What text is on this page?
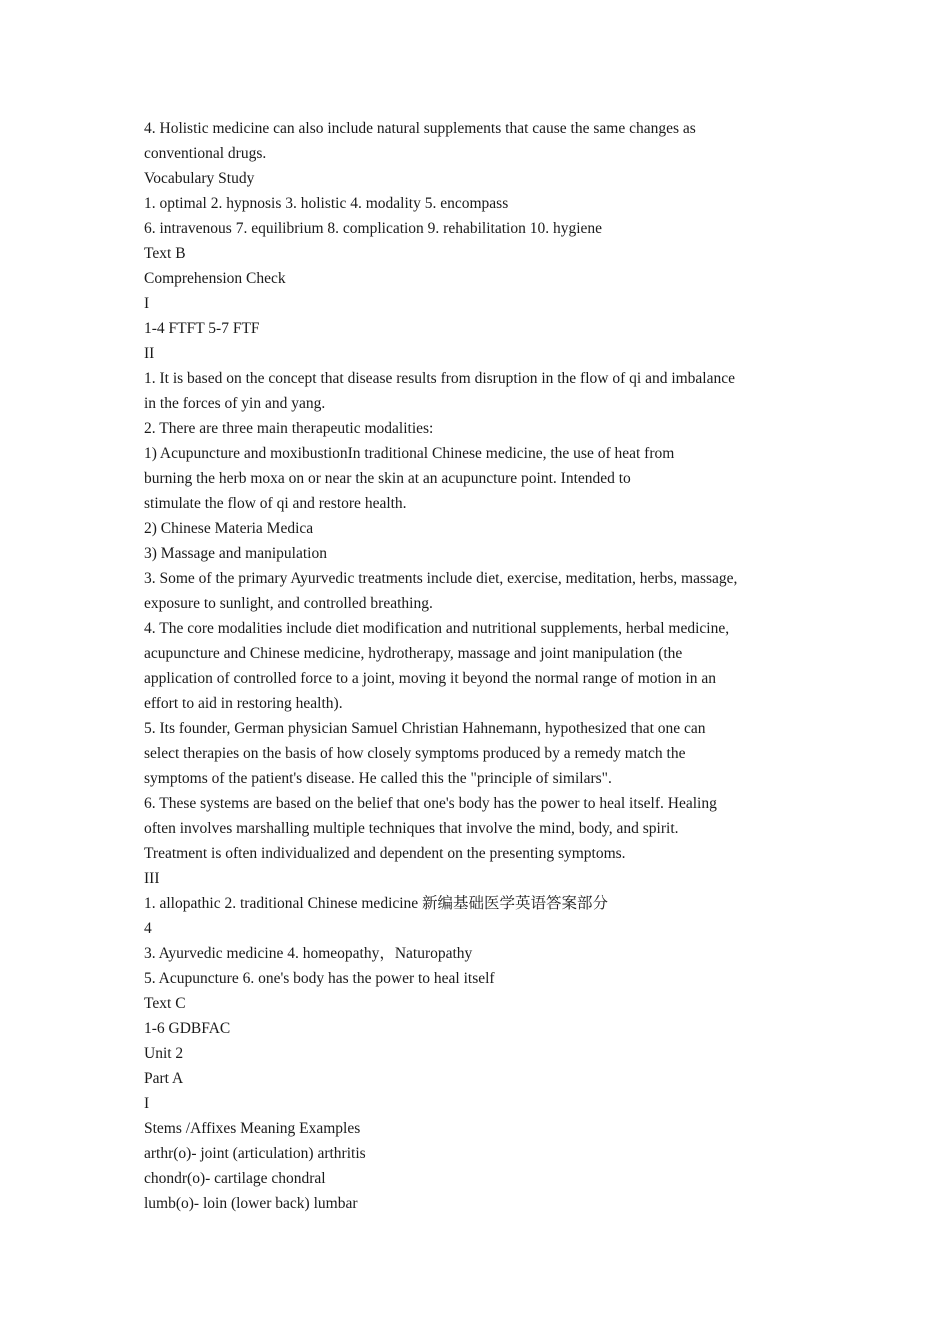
4. Holistic medicine can also include natural supplements that cause the same changes as
conventional drugs.
Vocabulary Study
1. optimal 2. hypnosis 3. holistic 4. modality 5. encompass
6. intravenous 7. equilibrium 8. complication 9. rehabilitation 10. hygiene
Text B
Comprehension Check
I
1-4 FTFT 5-7 FTF
II
1. It is based on the concept that disease results from disruption in the flow of qi and imbalance
in the forces of yin and yang.
2. There are three main therapeutic modalities:
1) Acupuncture and moxibustionIn traditional Chinese medicine, the use of heat from
burning the herb moxa on or near the skin at an acupuncture point. Intended to
stimulate the flow of qi and restore health.
2) Chinese Materia Medica
3) Massage and manipulation
3. Some of the primary Ayurvedic treatments include diet, exercise, meditation, herbs, massage,
exposure to sunlight, and controlled breathing.
4. The core modalities include diet modification and nutritional supplements, herbal medicine,
acupuncture and Chinese medicine, hydrotherapy, massage and joint manipulation (the
application of controlled force to a joint, moving it beyond the normal range of motion in an
effort to aid in restoring health).
5. Its founder, German physician Samuel Christian Hahnemann, hypothesized that one can
select therapies on the basis of how closely symptoms produced by a remedy match the
symptoms of the patient's disease. He called this the "principle of similars".
6. These systems are based on the belief that one's body has the power to heal itself. Healing
often involves marshalling multiple techniques that involve the mind, body, and spirit.
Treatment is often individualized and dependent on the presenting symptoms.
III
1. allopathic 2. traditional Chinese medicine 新编基础医学英语答案部分
4
3. Ayurvedic medicine 4. homeopathy，Naturopathy
5. Acupuncture 6. one's body has the power to heal itself
Text C
1-6 GDBFAC
Unit 2
Part A
I
Stems /Affixes Meaning Examples
arthr(o)- joint (articulation) arthritis
chondr(o)- cartilage chondral
lumb(o)- loin (lower back) lumbar
